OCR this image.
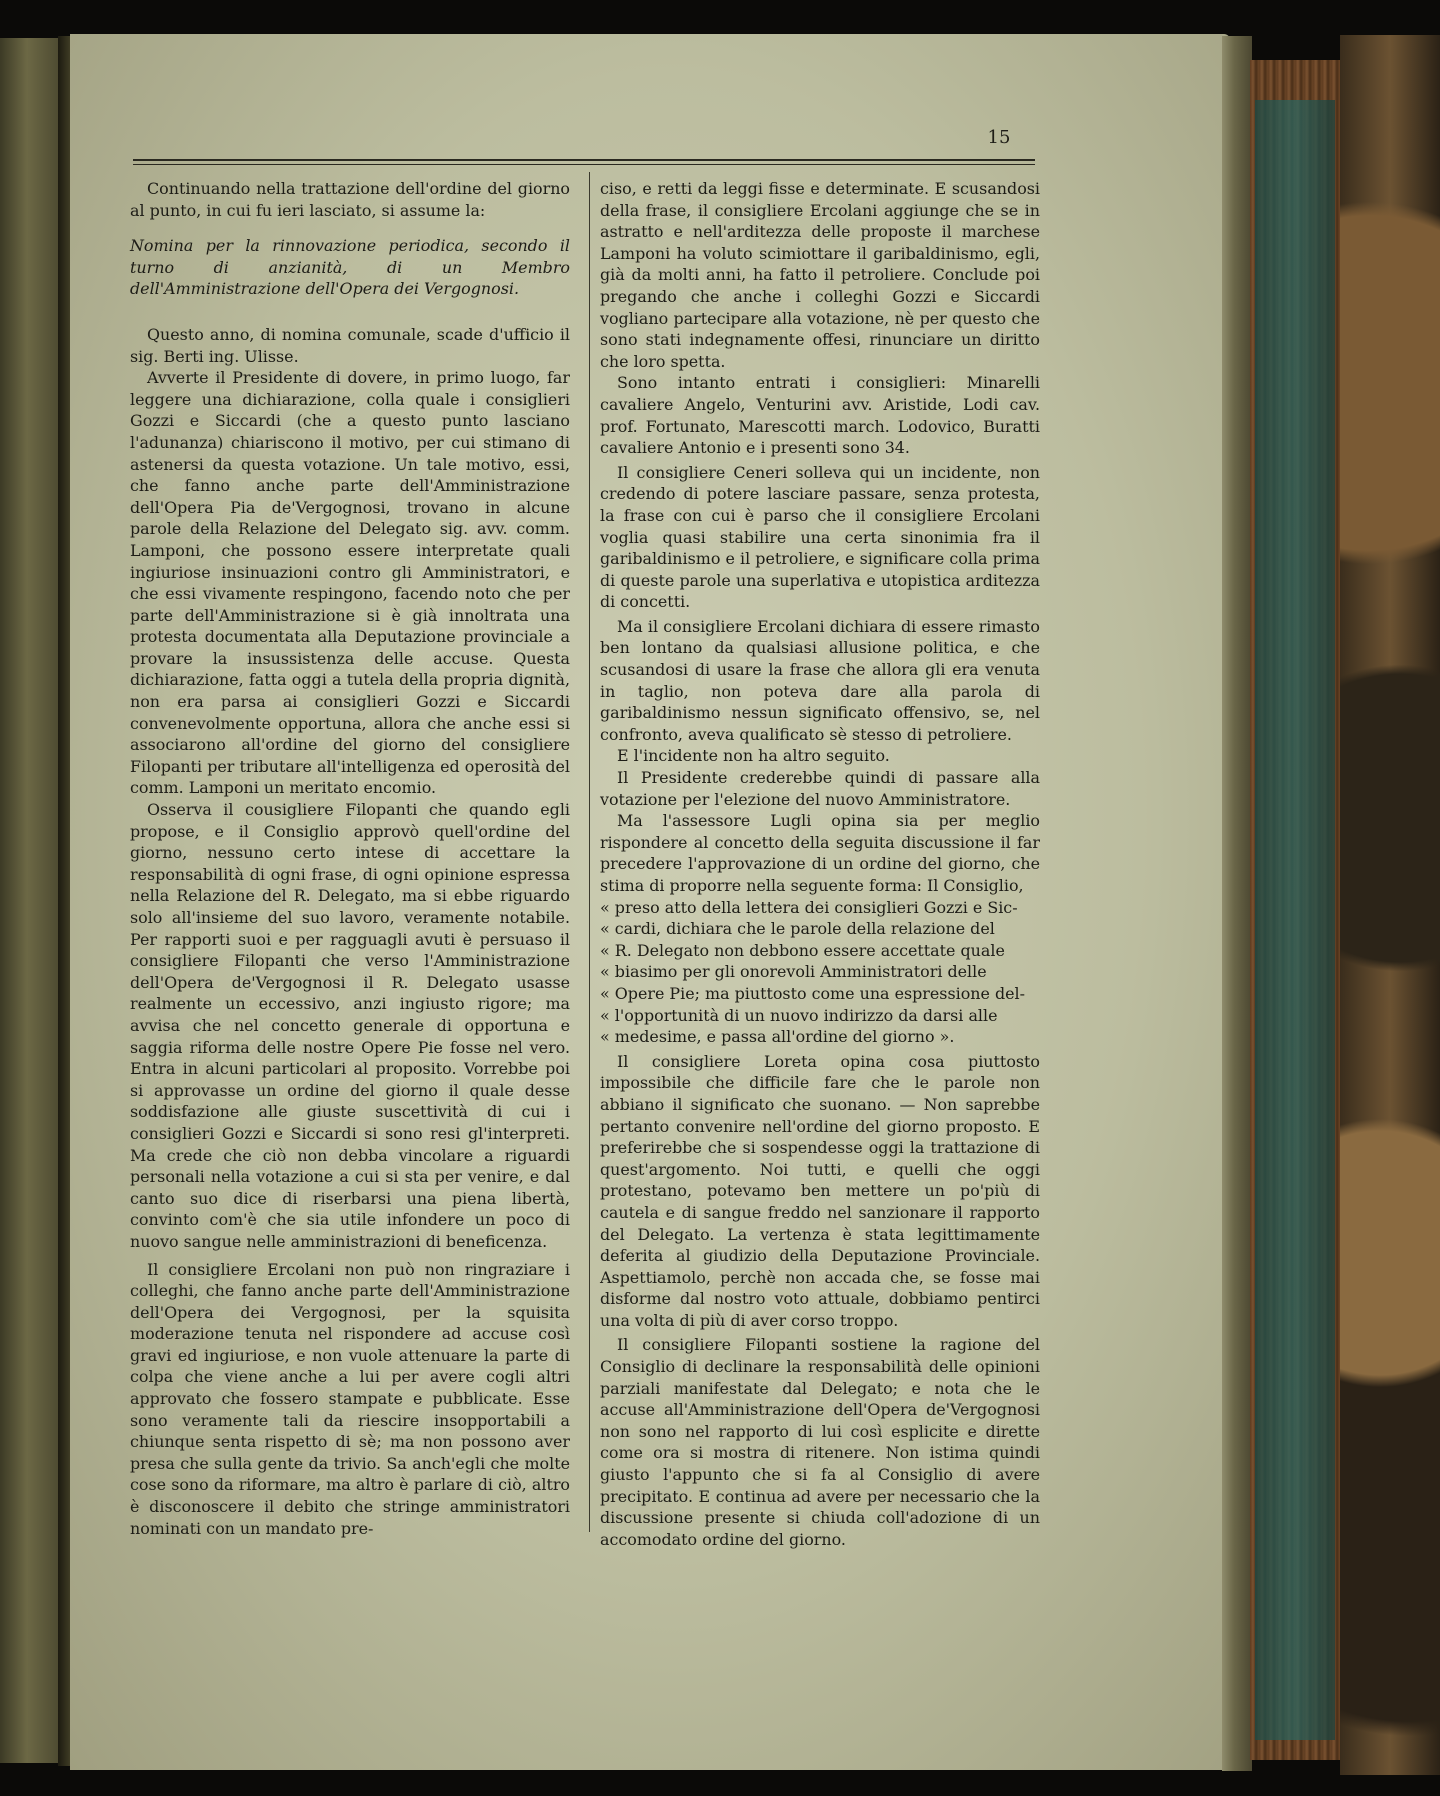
15

Continuando nella trattazione dell'ordine del giorno al punto, in cui fu ieri lasciato, si assume la:

Nomina per la rinnovazione periodica, secondo il turno di anzianità, di un Membro dell'Amministrazione dell'Opera dei Vergognosi.

Questo anno, di nomina comunale, scade d'ufficio il sig. Berti ing. Ulisse.

Avverte il Presidente di dovere, in primo luogo, far leggere una dichiarazione, colla quale i consiglieri Gozzi e Siccardi (che a questo punto lasciano l'adunanza) chiariscono il motivo, per cui stimano di astenersi da questa votazione. Un tale motivo, essi, che fanno anche parte dell'Amministrazione dell'Opera Pia de'Vergognosi, trovano in alcune parole della Relazione del Delegato sig. avv. comm. Lamponi, che possono essere interpretate quali ingiuriose insinuazioni contro gli Amministratori, e che essi vivamente respingono, facendo noto che per parte dell'Amministrazione si è già innoltrata una protesta documentata alla Deputazione provinciale a provare la insussistenza delle accuse. Questa dichiarazione, fatta oggi a tutela della propria dignità, non era parsa ai consiglieri Gozzi e Siccardi convenevolmente opportuna, allora che anche essi si associarono all'ordine del giorno del consigliere Filopanti per tributare all'intelligenza ed operosità del comm. Lamponi un meritato encomio.

Osserva il cousigliere Filopanti che quando egli propose, e il Consiglio approvò quell'ordine del giorno, nessuno certo intese di accettare la responsabilità di ogni frase, di ogni opinione espressa nella Relazione del R. Delegato, ma si ebbe riguardo solo all'insieme del suo lavoro, veramente notabile. Per rapporti suoi e per ragguagli avuti è persuaso il consigliere Filopanti che verso l'Amministrazione dell'Opera de'Vergognosi il R. Delegato usasse realmente un eccessivo, anzi ingiusto rigore; ma avvisa che nel concetto generale di opportuna e saggia riforma delle nostre Opere Pie fosse nel vero. Entra in alcuni particolari al proposito. Vorrebbe poi si approvasse un ordine del giorno il quale desse soddisfazione alle giuste suscettività di cui i consiglieri Gozzi e Siccardi si sono resi gl'interpreti. Ma crede che ciò non debba vincolare a riguardi personali nella votazione a cui si sta per venire, e dal canto suo dice di riserbarsi una piena libertà, convinto com'è che sia utile infondere un poco di nuovo sangue nelle amministrazioni di beneficenza.

Il consigliere Ercolani non può non ringraziare i colleghi, che fanno anche parte dell'Amministrazione dell'Opera dei Vergognosi, per la squisita moderazione tenuta nel rispondere ad accuse così gravi ed ingiuriose, e non vuole attenuare la parte di colpa che viene anche a lui per avere cogli altri approvato che fossero stampate e pubblicate. Esse sono veramente tali da riescire insopportabili a chiunque senta rispetto di sè; ma non possono aver presa che sulla gente da trivio. Sa anch'egli che molte cose sono da riformare, ma altro è parlare di ciò, altro è disconoscere il debito che stringe amministratori nominati con un mandato pre-

ciso, e retti da leggi fisse e determinate. E scusandosi della frase, il consigliere Ercolani aggiunge che se in astratto e nell'arditezza delle proposte il marchese Lamponi ha voluto scimiottare il garibaldinismo, egli, già da molti anni, ha fatto il petroliere. Conclude poi pregando che anche i colleghi Gozzi e Siccardi vogliano partecipare alla votazione, nè per questo che sono stati indegnamente offesi, rinunciare un diritto che loro spetta.

Sono intanto entrati i consiglieri: Minarelli cavaliere Angelo, Venturini avv. Aristide, Lodi cav. prof. Fortunato, Marescotti march. Lodovico, Buratti cavaliere Antonio e i presenti sono 34.

Il consigliere Ceneri solleva qui un incidente, non credendo di potere lasciare passare, senza protesta, la frase con cui è parso che il consigliere Ercolani voglia quasi stabilire una certa sinonimia fra il garibaldinismo e il petroliere, e significare colla prima di queste parole una superlativa e utopistica arditezza di concetti.

Ma il consigliere Ercolani dichiara di essere rimasto ben lontano da qualsiasi allusione politica, e che scusandosi di usare la frase che allora gli era venuta in taglio, non poteva dare alla parola di garibaldinismo nessun significato offensivo, se, nel confronto, aveva qualificato sè stesso di petroliere.

E l'incidente non ha altro seguito.

Il Presidente crederebbe quindi di passare alla votazione per l'elezione del nuovo Amministratore.

Ma l'assessore Lugli opina sia per meglio rispondere al concetto della seguita discussione il far precedere l'approvazione di un ordine del giorno, che stima di proporre nella seguente forma: Il Consiglio,

« preso atto della lettera dei consiglieri Gozzi e Sic-

« cardi, dichiara che le parole della relazione del

« R. Delegato non debbono essere accettate quale

« biasimo per gli onorevoli Amministratori delle

« Opere Pie; ma piuttosto come una espressione del-

« l'opportunità di un nuovo indirizzo da darsi alle

« medesime, e passa all'ordine del giorno ».

Il consigliere Loreta opina cosa piuttosto impossibile che difficile fare che le parole non abbiano il significato che suonano. — Non saprebbe pertanto convenire nell'ordine del giorno proposto. E preferirebbe che si sospendesse oggi la trattazione di quest'argomento. Noi tutti, e quelli che oggi protestano, potevamo ben mettere un po'più di cautela e di sangue freddo nel sanzionare il rapporto del Delegato. La vertenza è stata legittimamente deferita al giudizio della Deputazione Provinciale. Aspettiamolo, perchè non accada che, se fosse mai disforme dal nostro voto attuale, dobbiamo pentirci una volta di più di aver corso troppo.

Il consigliere Filopanti sostiene la ragione del Consiglio di declinare la responsabilità delle opinioni parziali manifestate dal Delegato; e nota che le accuse all'Amministrazione dell'Opera de'Vergognosi non sono nel rapporto di lui così esplicite e dirette come ora si mostra di ritenere. Non istima quindi giusto l'appunto che si fa al Consiglio di avere precipitato. E continua ad avere per necessario che la discussione presente si chiuda coll'adozione di un accomodato ordine del giorno.
